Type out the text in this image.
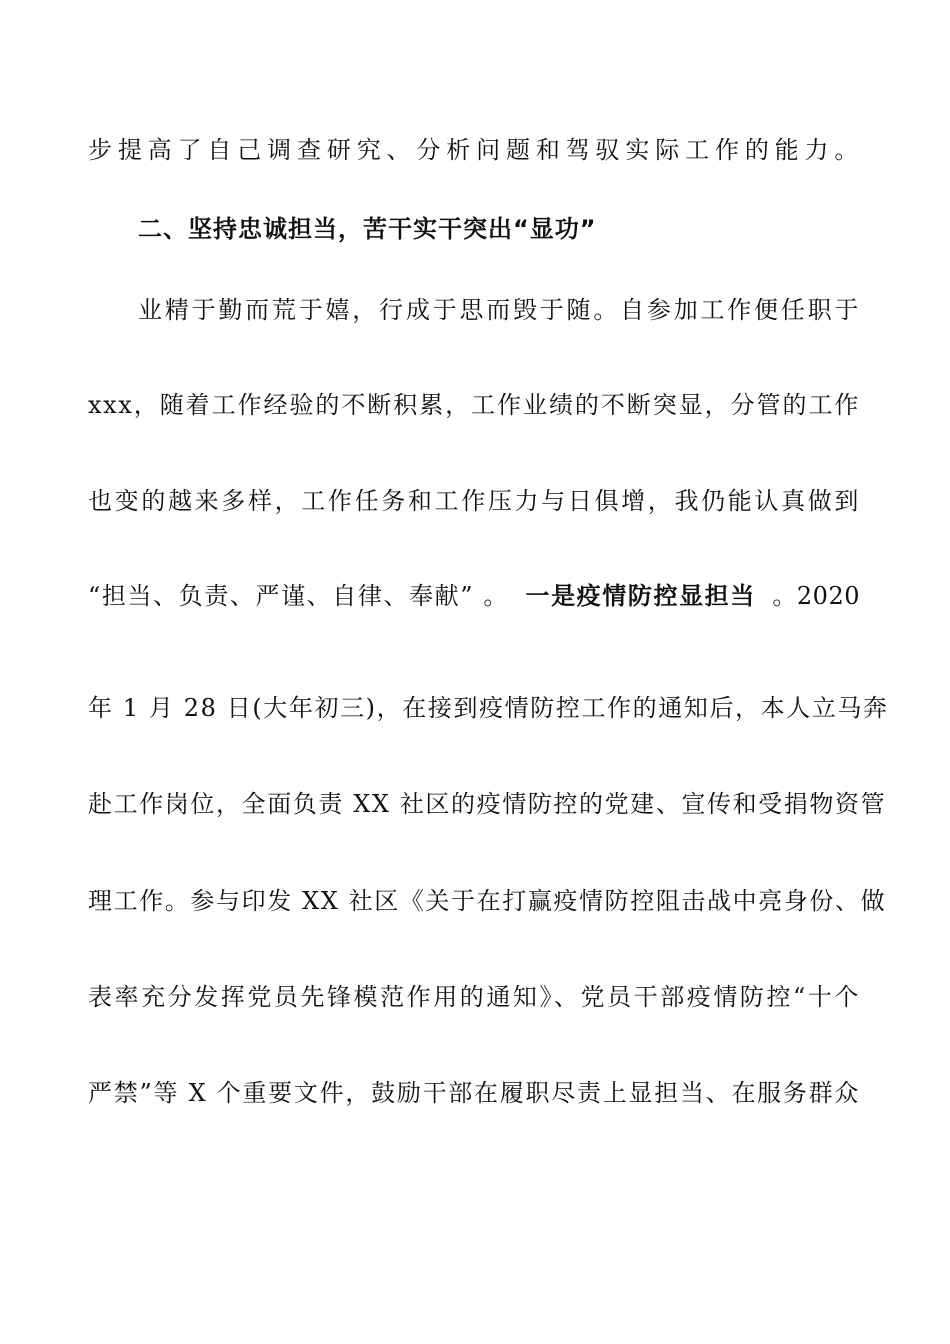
步提高了自己调查研究、分析问题和驾驭实际工作的能力。
二、坚持忠诚担当，苦干实干突出“显功”
业精于勤而荒于嬉，行成于思而毁于随。自参加工作便任职于
xxx，随着工作经验的不断积累，工作业绩的不断突显，分管的工作
也变的越来多样，工作任务和工作压力与日俱增，我仍能认真做到
“担当、负责、严谨、自律、奉献” 。 一是疫情防控显担当 。2020
年 1 月 28 日(大年初三)，在接到疫情防控工作的通知后，本人立马奔
赴工作岗位，全面负责 XX 社区的疫情防控的党建、宣传和受捐物资管
理工作。参与印发 XX 社区《关于在打赢疫情防控阻击战中亮身份、做
表率充分发挥党员先锋模范作用的通知》、党员干部疫情防控“十个
严禁”等 X 个重要文件，鼓励干部在履职尽责上显担当、在服务群众
